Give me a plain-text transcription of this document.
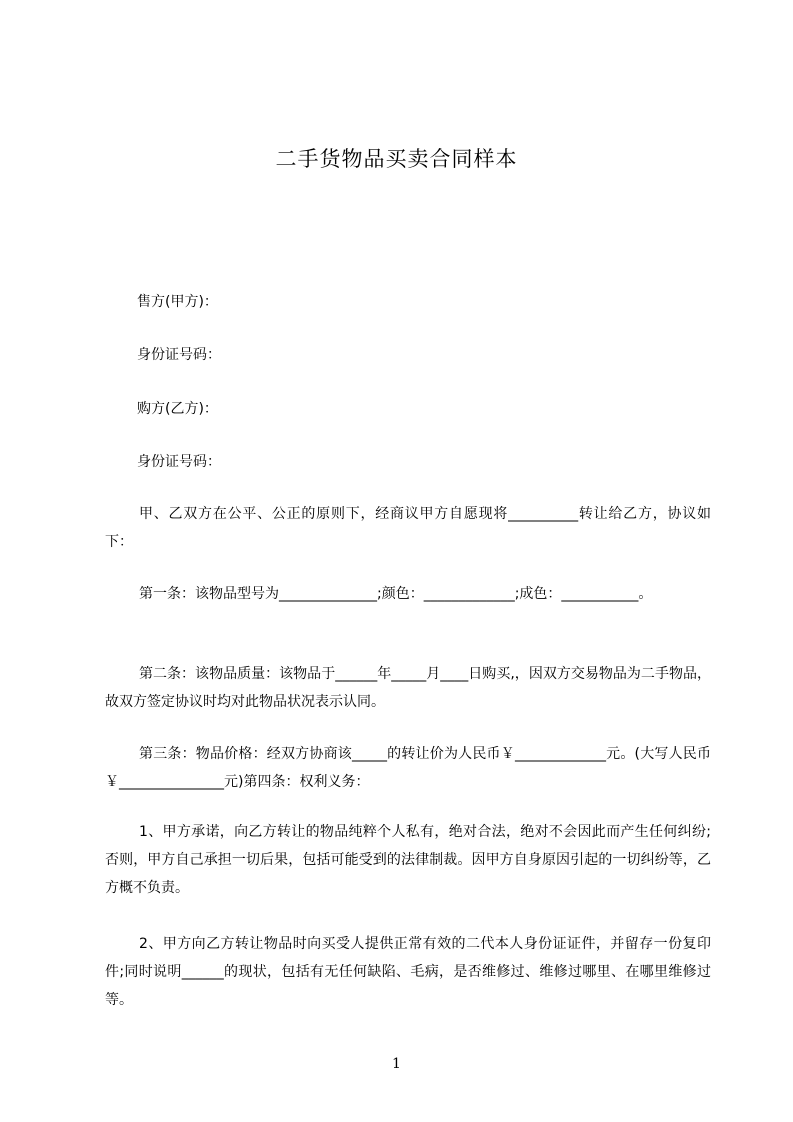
二手货物品买卖合同样本
售方(甲方)：
身份证号码：
购方(乙方)：
身份证号码：
甲、乙双方在公平、公正的原则下，经商议甲方自愿现将__________转让给乙方，协议如下：
第一条：该物品型号为______________;颜色：_____________;成色：___________。
第二条：该物品质量：该物品于______年_____月____日购买,，因双方交易物品为二手物品，故双方签定协议时均对此物品状况表示认同。
第三条：物品价格：经双方协商该_____的转让价为人民币￥_____________元。(大写人民币￥_______________元)第四条：权利义务：
1、甲方承诺，向乙方转让的物品纯粹个人私有，绝对合法，绝对不会因此而产生任何纠纷;否则，甲方自己承担一切后果，包括可能受到的法律制裁。因甲方自身原因引起的一切纠纷等，乙方概不负责。
2、甲方向乙方转让物品时向买受人提供正常有效的二代本人身份证证件，并留存一份复印件;同时说明______的现状，包括有无任何缺陷、毛病，是否维修过、维修过哪里、在哪里维修过等。
1
